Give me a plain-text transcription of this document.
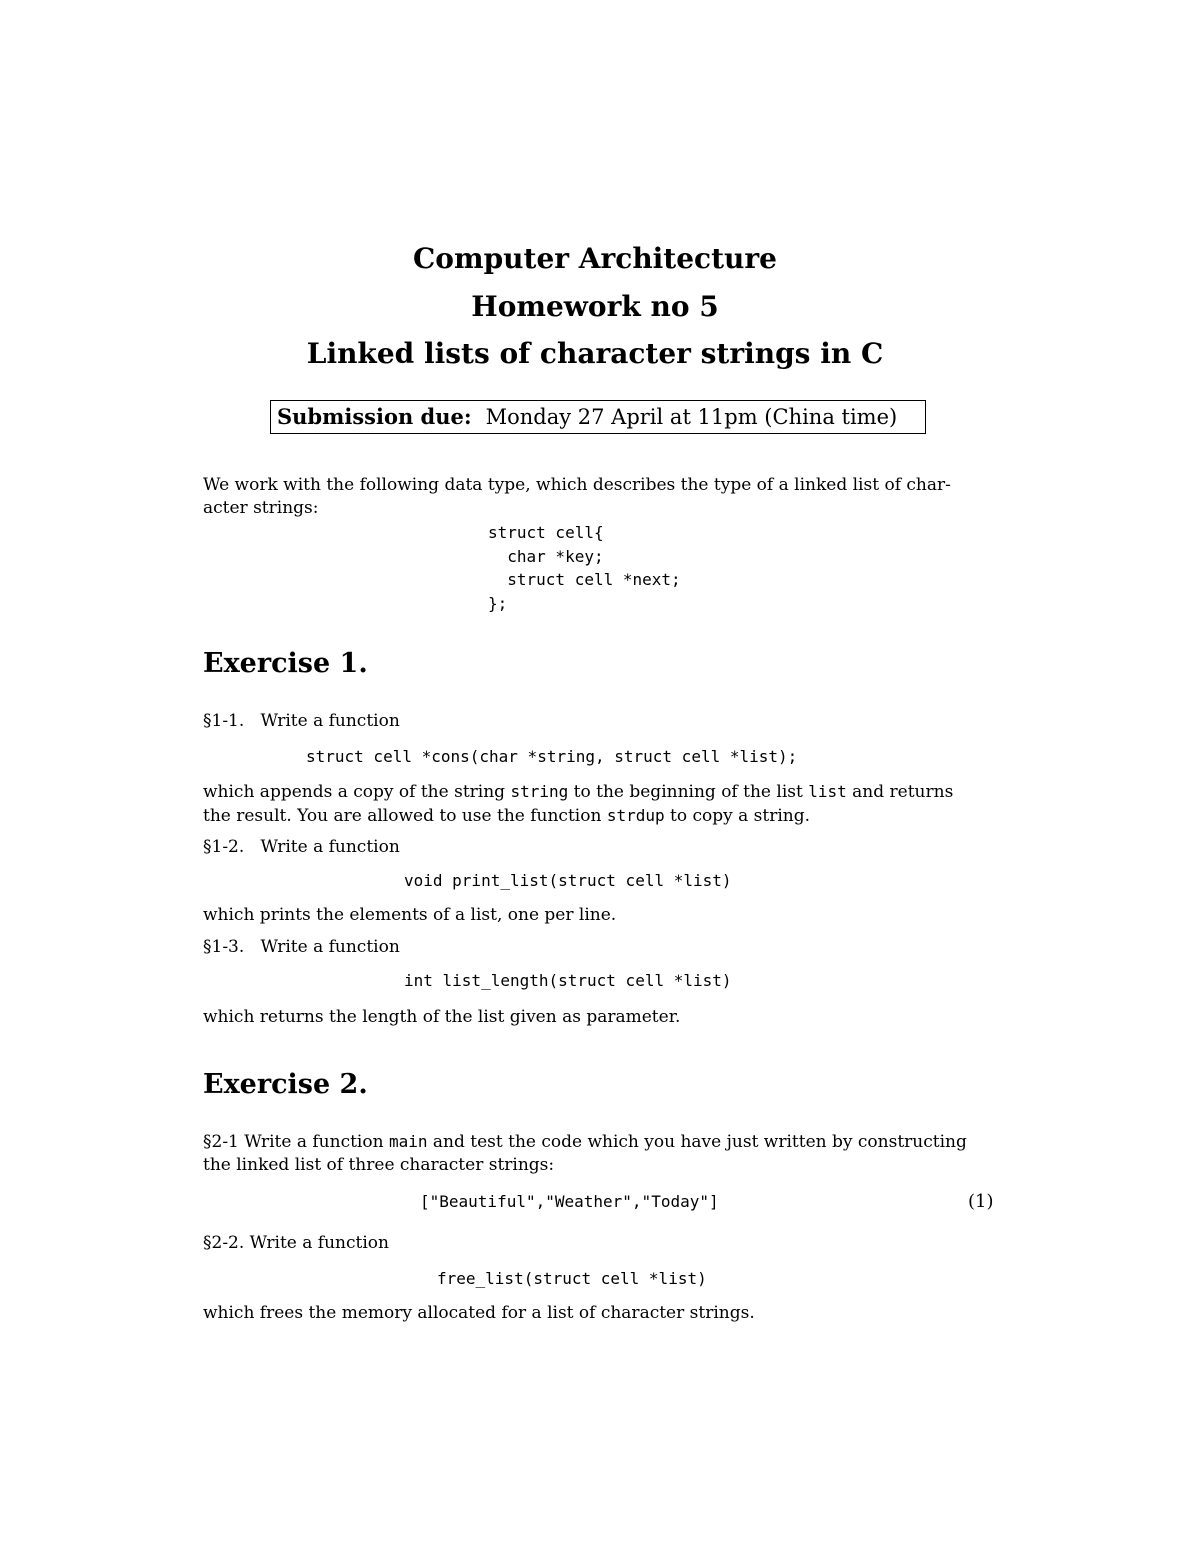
Computer Architecture
Homework no 5
Linked lists of character strings in C
Submission due: Monday 27 April at 11pm (China time)
We work with the following data type, which describes the type of a linked list of char-
acter strings:
struct cell{
char *key;
struct cell *next;
};
Exercise 1.
§1-1. Write a function
struct cell *cons(char *string, struct cell *list);
which appends a copy of the string string to the beginning of the list list and returns
the result. You are allowed to use the function strdup to copy a string.
§1-2. Write a function
void print_list(struct cell *list)
which prints the elements of a list, one per line.
§1-3. Write a function
int list_length(struct cell *list)
which returns the length of the list given as parameter.
Exercise 2.
§2-1 Write a function main and test the code which you have just written by constructing
the linked list of three character strings:
["Beautiful","Weather","Today"]	(1)
§2-2. Write a function
free_list(struct cell *list)
which frees the memory allocated for a list of character strings.
